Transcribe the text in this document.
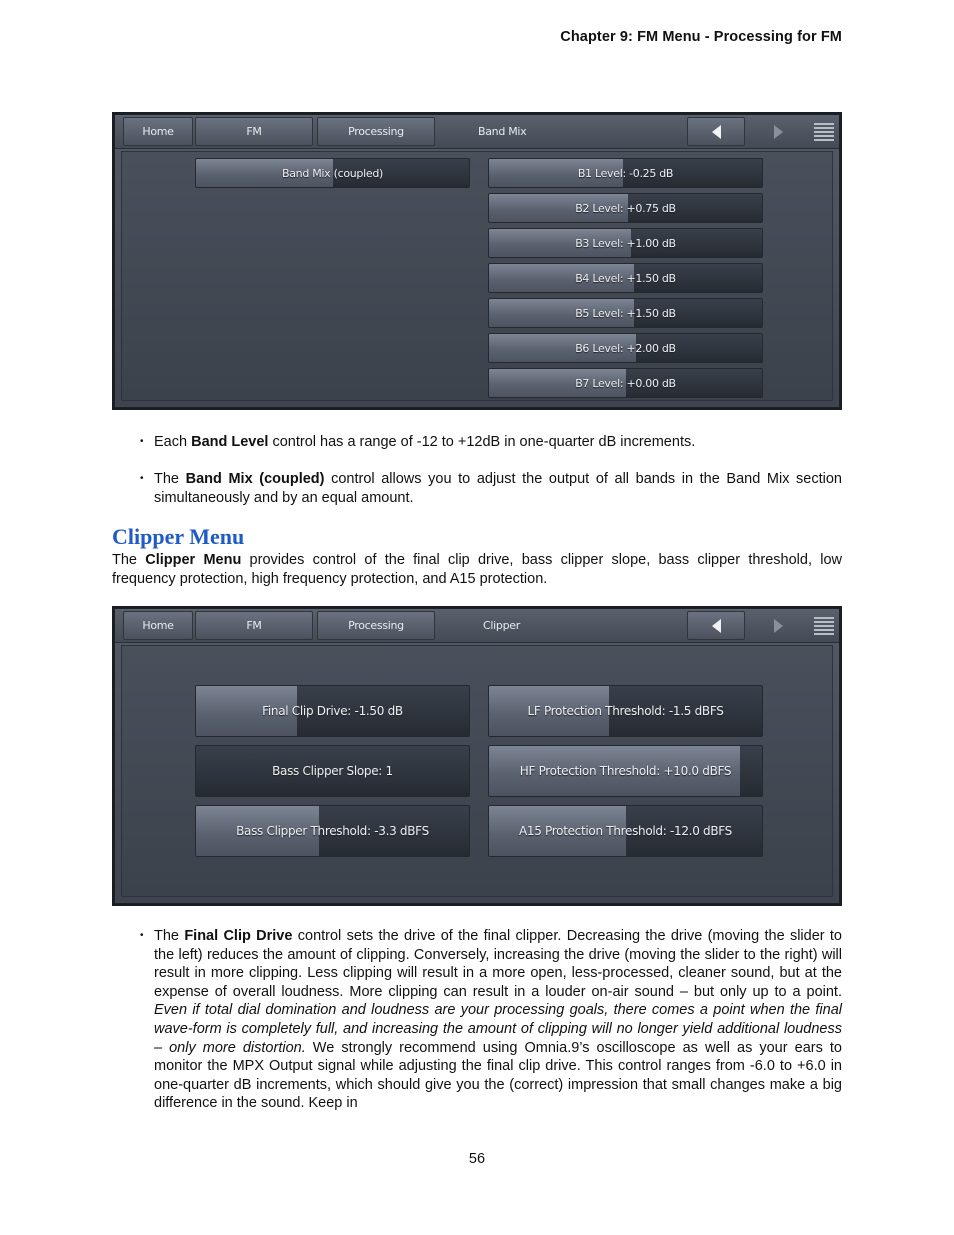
Chapter 9: FM Menu - Processing for FM
Home	FM	Processing	Band Mix
Band Mix (coupled)	B1 Level: -0.25 dB
B2 Level: +0.75 dB
B3 Level: +1.00 dB
B4 Level: +1.50 dB
B5 Level: +1.50 dB
B6 Level: +2.00 dB
B7 Level: +0.00 dB
• Each Band Level control has a range of -12 to +12dB in one-quarter dB increments.
• The Band Mix (coupled) control allows you to adjust the output of all bands in the Band Mix section simultaneously and by an equal amount.
Clipper Menu
The Clipper Menu provides control of the final clip drive, bass clipper slope, bass clipper threshold, low frequency protection, high frequency protection, and A15 protection.
Home	FM	Processing	Clipper
Final Clip Drive: -1.50 dB	LF Protection Threshold: -1.5 dBFS
Bass Clipper Slope: 1	HF Protection Threshold: +10.0 dBFS
Bass Clipper Threshold: -3.3 dBFS	A15 Protection Threshold: -12.0 dBFS
• The Final Clip Drive control sets the drive of the final clipper. Decreasing the drive (moving the slider to the left) reduces the amount of clipping. Conversely, increasing the drive (moving the slider to the right) will result in more clipping. Less clipping will result in a more open, less-processed, cleaner sound, but at the expense of overall loudness. More clipping can result in a louder on-air sound – but only up to a point. Even if total dial domination and loudness are your processing goals, there comes a point when the final wave-form is completely full, and increasing the amount of clipping will no longer yield additional loudness – only more distortion. We strongly recommend using Omnia.9’s oscilloscope as well as your ears to monitor the MPX Output signal while adjusting the final clip drive. This control ranges from -6.0 to +6.0 in one-quarter dB increments, which should give you the (correct) impression that small changes make a big difference in the sound. Keep in
56
